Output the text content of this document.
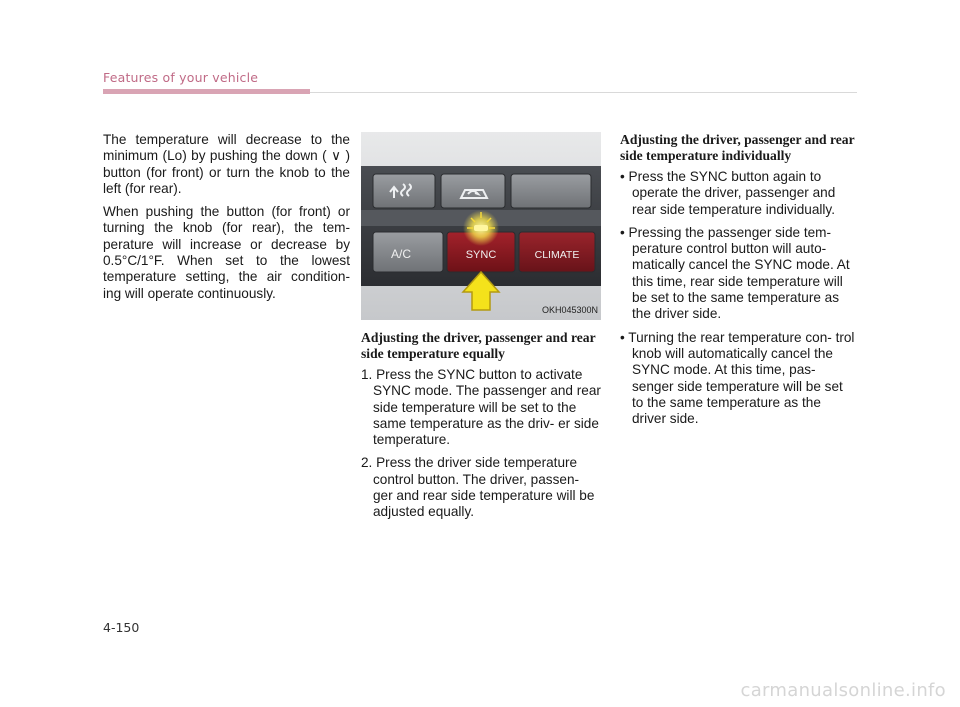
Features of your vehicle

The temperature will decrease to the minimum (Lo) by pushing the down ( ∨ ) button (for front) or turn the knob to the left (for rear).

When pushing the button (for front) or turning the knob (for rear), the tem- perature will increase or decrease by 0.5°C/1°F. When set to the lowest temperature setting, the air condition- ing will operate continuously.

A/C	SYNC	CLIMATE
OKH045300N
Adjusting the driver, passenger and rear side temperature equally

1. Press the SYNC button to activate SYNC mode. The passenger and rear side temperature will be set to the same temperature as the driv- er side temperature.

2. Press the driver side temperature control button. The driver, passen- ger and rear side temperature will be adjusted equally.

Adjusting the driver, passenger and rear side temperature individually

• Press the SYNC button again to operate the driver, passenger and rear side temperature individually.

• Pressing the passenger side tem- perature control button will auto- matically cancel the SYNC mode. At this time, rear side temperature will be set to the same temperature as the driver side.

• Turning the rear temperature con- trol knob will automatically cancel the SYNC mode. At this time, pas- senger side temperature will be set to the same temperature as the driver side.

4-150
carmanualsonline.info
